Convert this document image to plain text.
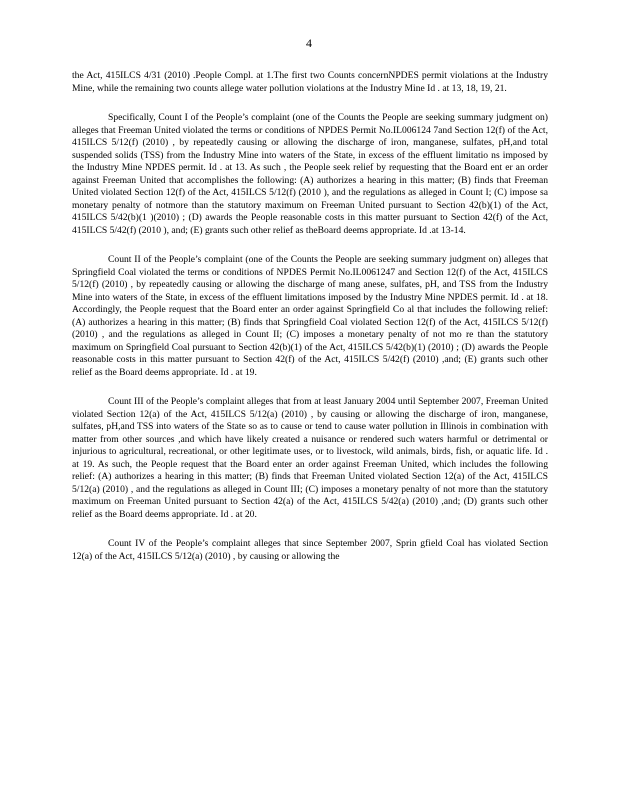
4

the Act, 415ILCS 4/31 (2010) .People Compl. at 1.The first two Counts concernNPDES permit violations at the Industry Mine, while the remaining two counts allege water pollution violations at the Industry Mine Id . at 13, 18, 19, 21.

Specifically, Count I of the People’s complaint (one of the Counts the People are seeking summary judgment on) alleges that Freeman United violated the terms or conditions of NPDES Permit No.IL006124 7and Section 12(f) of the Act, 415ILCS 5/12(f) (2010) , by repeatedly causing or allowing the discharge of iron, manganese, sulfates, pH,and total suspended solids (TSS) from the Industry Mine into waters of the State, in excess of the effluent limitatio ns imposed by the Industry Mine NPDES permit. Id . at 13. As such , the People seek relief by requesting that the Board ent er an order against Freeman United that accomplishes the following: (A) authorizes a hearing in this matter; (B) finds that Freeman United violated Section 12(f) of the Act, 415ILCS 5/12(f) (2010 ), and the regulations as alleged in Count I; (C) impose sa monetary penalty of notmore than the statutory maximum on Freeman United pursuant to Section 42(b)(1) of the Act, 415ILCS 5/42(b)(1 )(2010) ; (D) awards the People reasonable costs in this matter pursuant to Section 42(f) of the Act, 415ILCS 5/42(f) (2010 ), and; (E) grants such other relief as theBoard deems appropriate. Id .at 13-14.

Count II of the People’s complaint (one of the Counts the People are seeking summary judgment on) alleges that Springfield Coal violated the terms or conditions of NPDES Permit No.IL0061247 and Section 12(f) of the Act, 415ILCS 5/12(f) (2010) , by repeatedly causing or allowing the discharge of mang anese, sulfates, pH, and TSS from the Industry Mine into waters of the State, in excess of the effluent limitations imposed by the Industry Mine NPDES permit. Id . at 18. Accordingly, the People request that the Board enter an order against Springfield Co al that includes the following relief: (A) authorizes a hearing in this matter; (B) finds that Springfield Coal violated Section 12(f) of the Act, 415ILCS 5/12(f) (2010) , and the regulations as alleged in Count II; (C) imposes a monetary penalty of not mo re than the statutory maximum on Springfield Coal pursuant to Section 42(b)(1) of the Act, 415ILCS 5/42(b)(1) (2010) ; (D) awards the People reasonable costs in this matter pursuant to Section 42(f) of the Act, 415ILCS 5/42(f) (2010) ,and; (E) grants such other relief as the Board deems appropriate. Id . at 19.

Count III of the People’s complaint alleges that from at least January 2004 until September 2007, Freeman United violated Section 12(a) of the Act, 415ILCS 5/12(a) (2010) , by causing or allowing the discharge of iron, manganese, sulfates, pH,and TSS into waters of the State so as to cause or tend to cause water pollution in Illinois in combination with matter from other sources ,and which have likely created a nuisance or rendered such waters harmful or detrimental or injurious to agricultural, recreational, or other legitimate uses, or to livestock, wild animals, birds, fish, or aquatic life. Id . at 19. As such, the People request that the Board enter an order against Freeman United, which includes the following relief: (A) authorizes a hearing in this matter; (B) finds that Freeman United violated Section 12(a) of the Act, 415ILCS 5/12(a) (2010) , and the regulations as alleged in Count III; (C) imposes a monetary penalty of not more than the statutory maximum on Freeman United pursuant to Section 42(a) of the Act, 415ILCS 5/42(a) (2010) ,and; (D) grants such other relief as the Board deems appropriate. Id . at 20.

Count IV of the People’s complaint alleges that since September 2007, Sprin gfield Coal has violated Section 12(a) of the Act, 415ILCS 5/12(a) (2010) , by causing or allowing the
